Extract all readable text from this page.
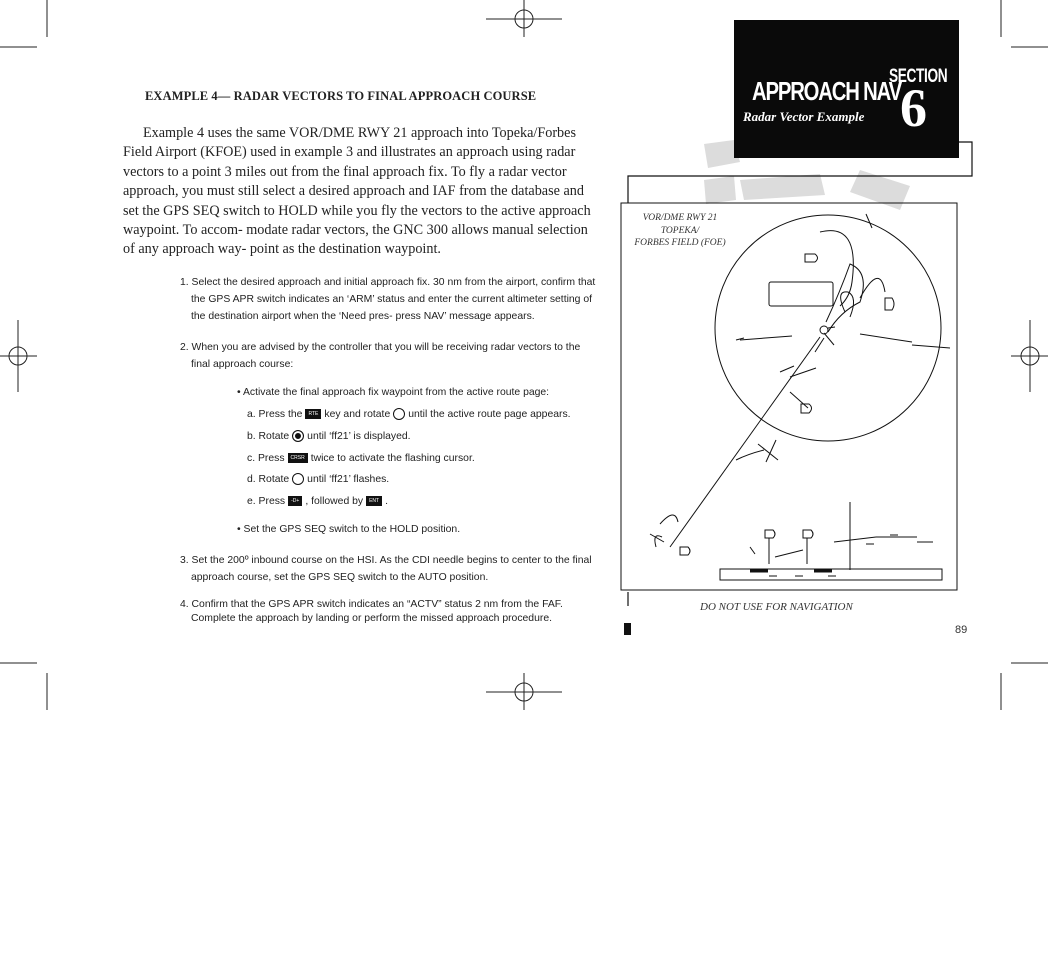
EXAMPLE 4— RADAR VECTORS TO FINAL APPROACH COURSE

Example 4 uses the same VOR/DME RWY 21 approach into Topeka/Forbes Field Airport (KFOE) used in example 3 and illustrates an approach using radar vectors to a point 3 miles out from the final approach fix. To fly a radar vector approach, you must still select a desired approach and IAF from the database and set the GPS SEQ switch to HOLD while you fly the vectors to the active approach waypoint. To accom- modate radar vectors, the GNC 300 allows manual selection of any approach way- point as the destination waypoint.

1. Select the desired approach and initial approach fix. 30 nm from the airport, confirm that the GPS APR switch indicates an ‘ARM’ status and enter the current altimeter setting of the destination airport when the ‘Need pres- press NAV’ message appears.
2. When you are advised by the controller that you will be receiving radar vectors to the final approach course:
• Activate the final approach fix waypoint from the active route page:
a. Press the RTE key and rotate until the active route page appears.
b. Rotate until ‘ff21’ is displayed.
c. Press CRSR twice to activate the flashing cursor.
d. Rotate until ‘ff21’ flashes.
e. Press -D+ , followed by ENT .
• Set the GPS SEQ switch to the HOLD position.
3. Set the 200º inbound course on the HSI. As the CDI needle begins to center to the final approach course, set the GPS SEQ switch to the AUTO position.
4. Confirm that the GPS APR switch indicates an “ACTV” status 2 nm from the FAF. Complete the approach by landing or perform the missed approach procedure.
APPROACH NAV
Radar Vector Example
SECTION
6
VOR/DME RWY 21
TOPEKA/
FORBES FIELD (FOE)
DO NOT USE FOR NAVIGATION
89
